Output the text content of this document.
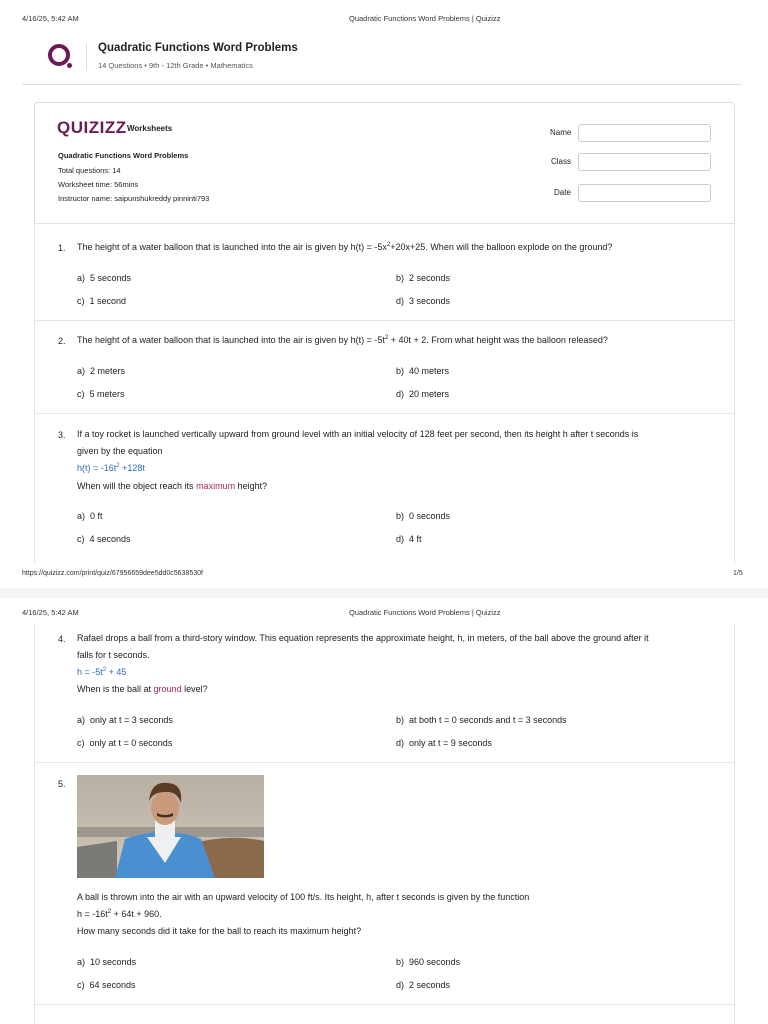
4/16/25, 5:42 AM	Quadratic Functions Word Problems | Quizizz
Quadratic Functions Word Problems
14 Questions • 9th - 12th Grade • Mathematics
QUIZIZZ Worksheets
Quadratic Functions Word Problems
Total questions: 14
Worksheet time: 56mins
Instructor name: saipunshukreddy pinninti793
Name
Class
Date
1. The height of a water balloon that is launched into the air is given by $h(t) = -5x^2+20x+25$. When will the balloon explode on the ground?
a) 5 seconds	b) 2 seconds
c) 1 second	d) 3 seconds
2. The height of a water balloon that is launched into the air is given by $h(t) = -5t^2 + 40t + 2$. From what height was the balloon released?
a) 2 meters	b) 40 meters
c) 5 meters	d) 20 meters
3. If a toy rocket is launched vertically upward from ground level with an initial velocity of 128 feet per second, then its height h after t seconds is
given by the equation
$h(t) = -16t^2 +128t$
When will the object reach its maximum height?
a) 0 ft	b) 0 seconds
c) 4 seconds	d) 4 ft
https://quizizz.com/print/quiz/67956659dee5dd0c5638530f	1/5
4/16/25, 5:42 AM	Quadratic Functions Word Problems | Quizizz
4. Rafael drops a ball from a third-story window. This equation represents the approximate height, h, in meters, of the ball above the ground after it
falls for t seconds.
$h = -5t^2 + 45$
When is the ball at ground level?
a) only at t = 3 seconds	b) at both t = 0 seconds and t = 3 seconds
c) only at t = 0 seconds	d) only at t = 9 seconds
5.
A ball is thrown into the air with an upward velocity of 100 ft/s. Its height, h, after t seconds is given by the function
$h = -16t^2 + 64t + 960$.
How many seconds did it take for the ball to reach its maximum height?
a) 10 seconds	b) 960 seconds
c) 64 seconds	d) 2 seconds
